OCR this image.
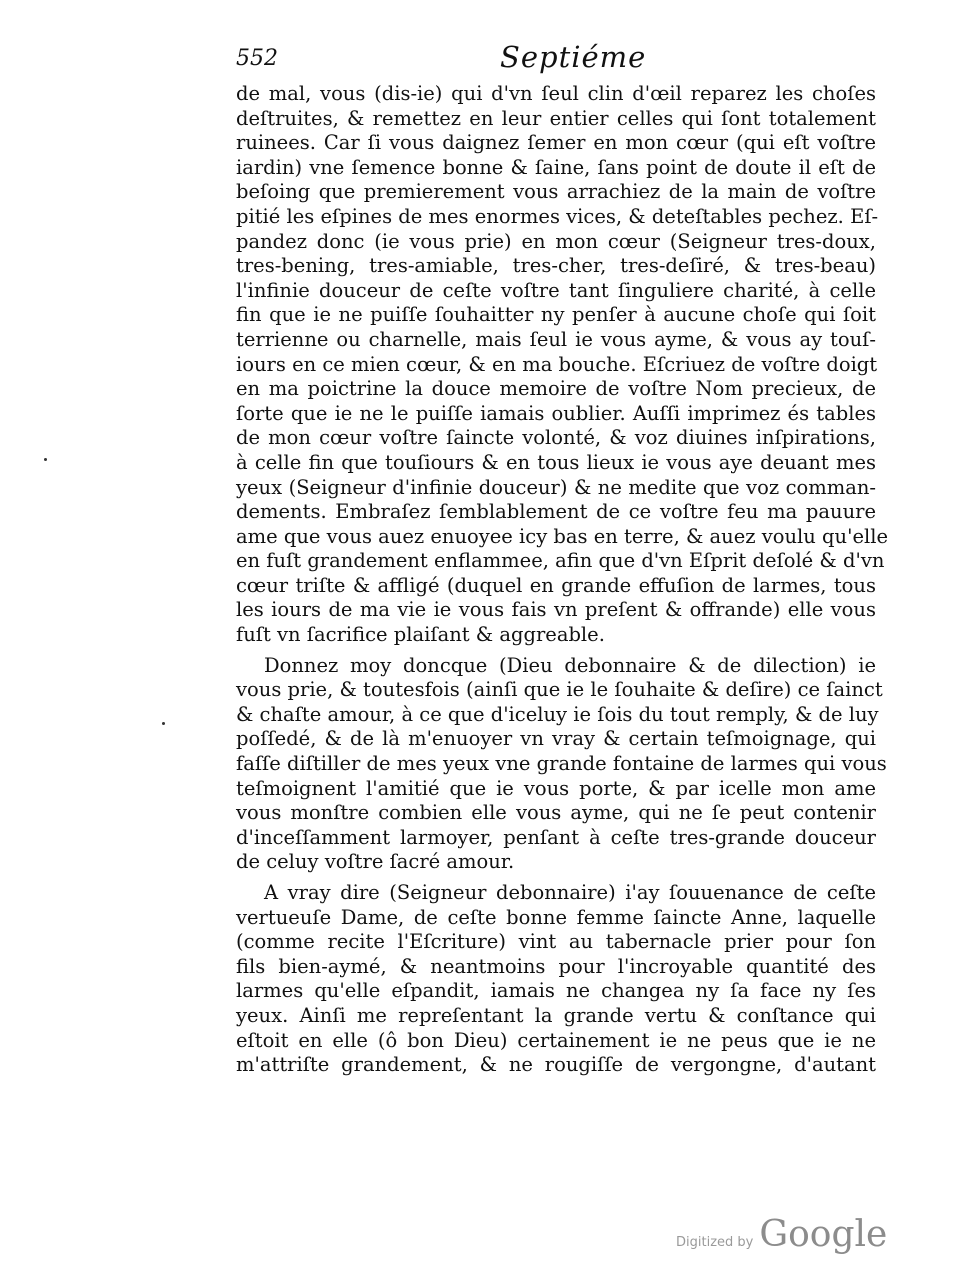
552	Septiéme
de mal, vous (dis-ie) qui d'vn ſeul clin d'œil reparez les choſes
deſtruites, & remettez en leur entier celles qui ſont totalement
ruinees. Car ſi vous daignez ſemer en mon cœur (qui eſt voſtre
iardin) vne ſemence bonne & ſaine, ſans point de doute il eſt de
beſoing que premierement vous arrachiez de la main de voſtre
pitié les eſpines de mes enormes vices, & deteſtables pechez. Eſ-
pandez donc (ie vous prie) en mon cœur (Seigneur tres-doux,
tres-bening, tres-amiable, tres-cher, tres-deſiré, & tres-beau)
l'infinie douceur de ceſte voſtre tant ſinguliere charité, à celle
fin que ie ne puiſſe ſouhaitter ny penſer à aucune choſe qui ſoit
terrienne ou charnelle, mais ſeul ie vous ayme, & vous ay touſ-
iours en ce mien cœur, & en ma bouche. Eſcriuez de voſtre doigt
en ma poictrine la douce memoire de voſtre Nom precieux, de
ſorte que ie ne le puiſſe iamais oublier. Auſſi imprimez és tables
de mon cœur voſtre ſaincte volonté, & voz diuines inſpirations,
à celle fin que touſiours & en tous lieux ie vous aye deuant mes
yeux (Seigneur d'infinie douceur) & ne medite que voz comman-
dements. Embraſez ſemblablement de ce voſtre feu ma pauure
ame que vous auez enuoyee icy bas en terre, & auez voulu qu'elle
en fuſt grandement enflammee, afin que d'vn Eſprit deſolé & d'vn
cœur triſte & affligé (duquel en grande effuſion de larmes, tous
les iours de ma vie ie vous fais vn preſent & offrande) elle vous
fuſt vn ſacrifice plaiſant & aggreable.
Donnez moy doncque (Dieu debonnaire & de dilection) ie
vous prie, & toutesfois (ainſi que ie le ſouhaite & deſire) ce ſainct
& chaſte amour, à ce que d'iceluy ie ſois du tout remply, & de luy
poſſedé, & de là m'enuoyer vn vray & certain teſmoignage, qui
faſſe diſtiller de mes yeux vne grande fontaine de larmes qui vous
teſmoignent l'amitié que ie vous porte, & par icelle mon ame
vous monſtre combien elle vous ayme, qui ne ſe peut contenir
d'inceſſamment larmoyer, penſant à ceſte tres-grande douceur
de celuy voſtre ſacré amour.
A vray dire (Seigneur debonnaire) i'ay ſouuenance de ceſte
vertueuſe Dame, de ceſte bonne femme ſaincte Anne, laquelle
(comme recite l'Eſcriture) vint au tabernacle prier pour ſon
fils bien-aymé, & neantmoins pour l'incroyable quantité des
larmes qu'elle eſpandit, iamais ne changea ny ſa face ny ſes
yeux. Ainſi me repreſentant la grande vertu & conſtance qui
eſtoit en elle (ô bon Dieu) certainement ie ne peus que ie ne
m'attriſte grandement, & ne rougiſſe de vergongne, d'autant
Digitized by Google
